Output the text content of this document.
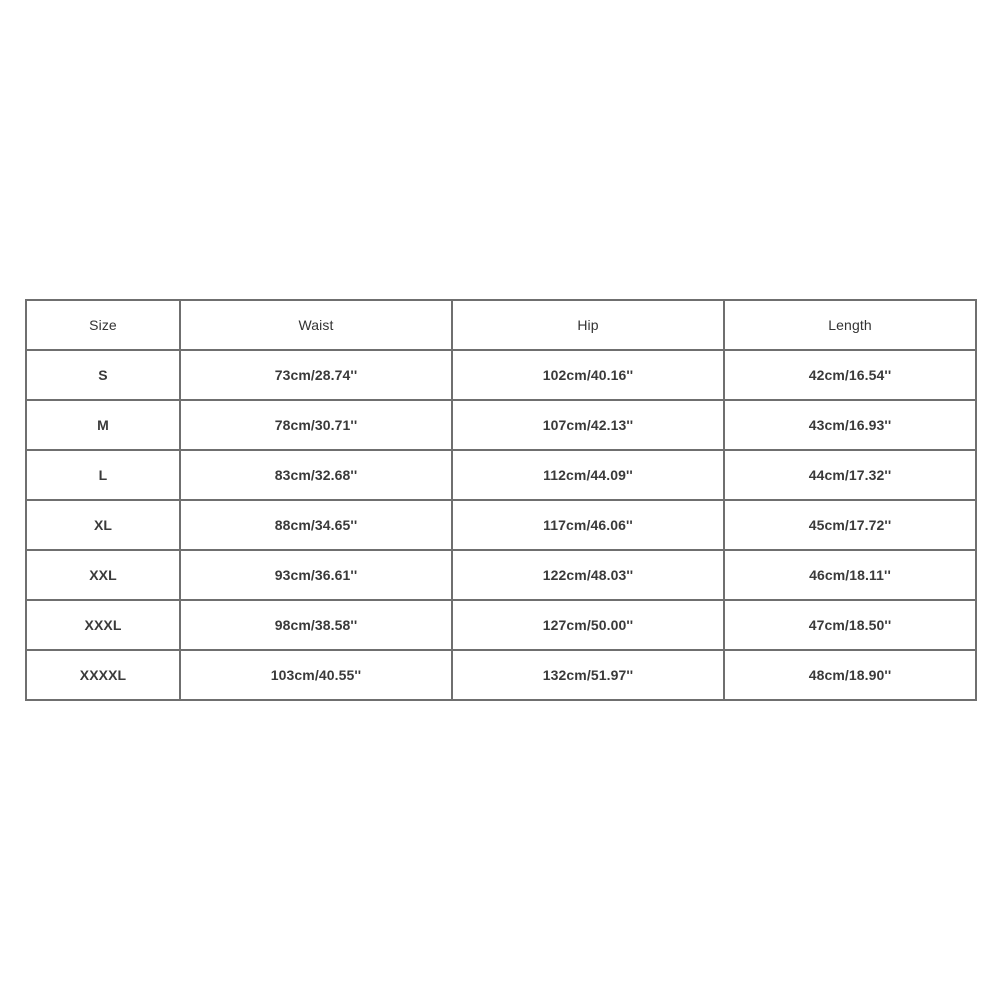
Size	Waist	Hip	Length
S	73cm/28.74''	102cm/40.16''	42cm/16.54''
M	78cm/30.71''	107cm/42.13''	43cm/16.93''
L	83cm/32.68''	112cm/44.09''	44cm/17.32''
XL	88cm/34.65''	117cm/46.06''	45cm/17.72''
XXL	93cm/36.61''	122cm/48.03''	46cm/18.11''
XXXL	98cm/38.58''	127cm/50.00''	47cm/18.50''
XXXXL	103cm/40.55''	132cm/51.97''	48cm/18.90''
